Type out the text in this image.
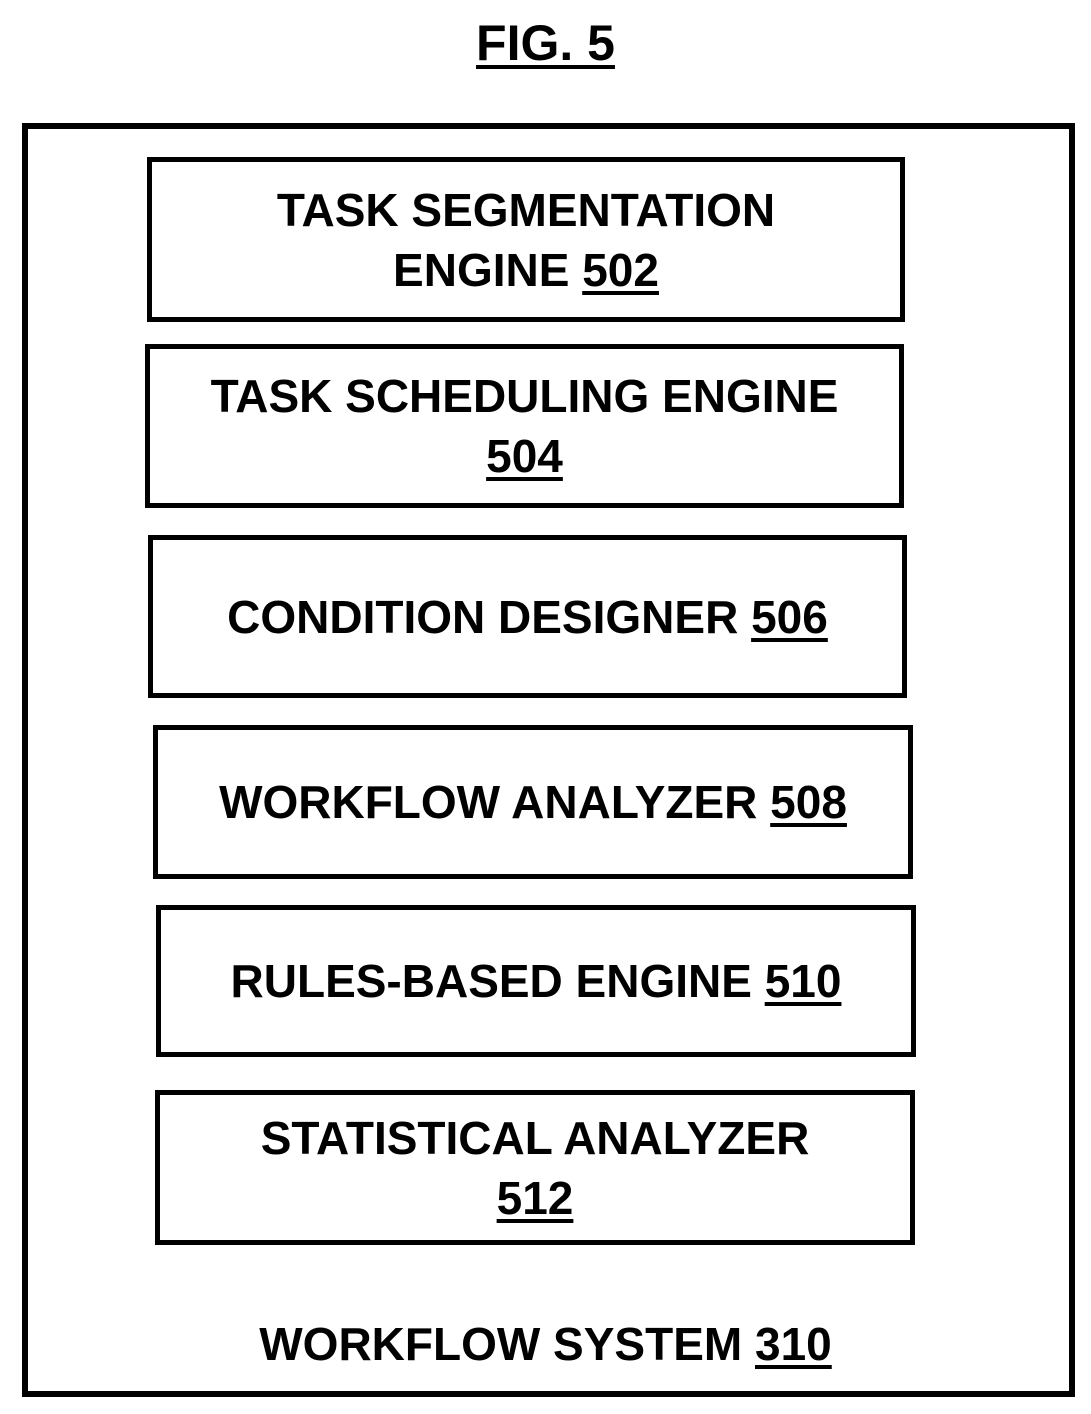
FIG. 5
TASK SEGMENTATION
ENGINE 502
TASK SCHEDULING ENGINE
504
CONDITION DESIGNER 506
WORKFLOW ANALYZER 508
RULES-BASED ENGINE 510
STATISTICAL ANALYZER
512
WORKFLOW SYSTEM 310
